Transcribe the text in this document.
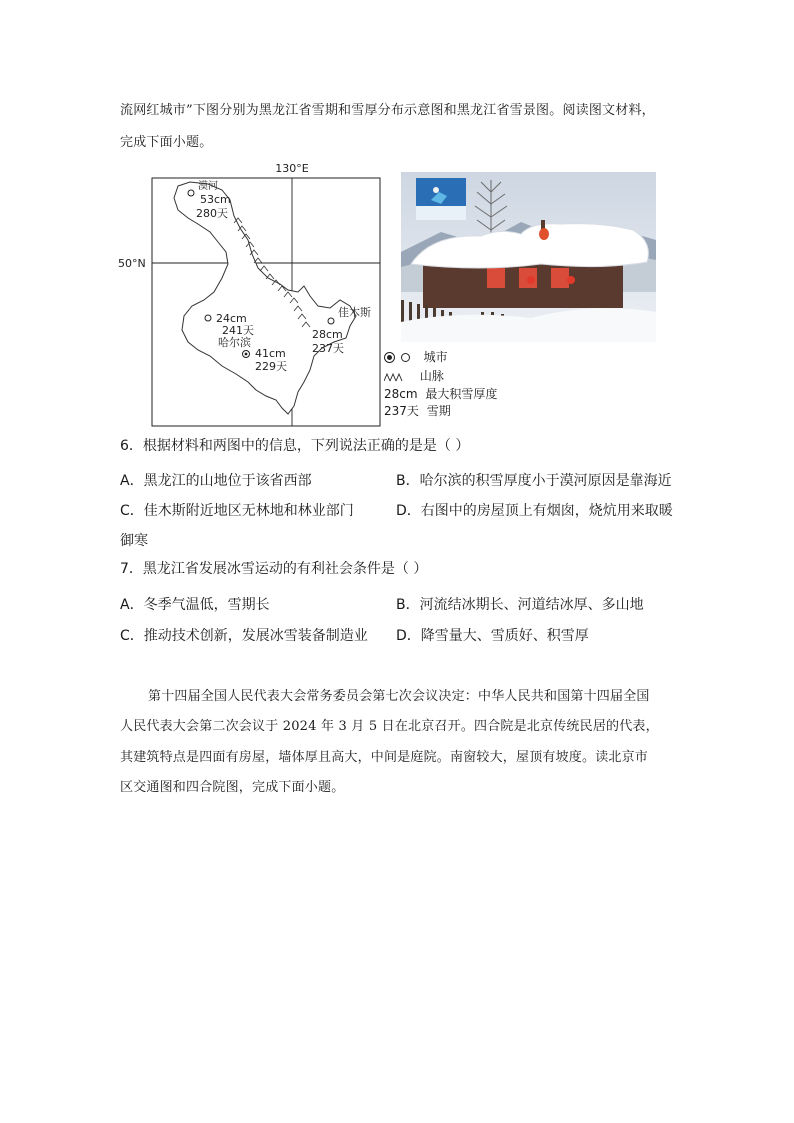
流网红城市”下图分别为黑龙江省雪期和雪厚分布示意图和黑龙江省雪景图。阅读图文材料，
完成下面小题。
130°E
50°N
漠河
53cm
280天
24cm
241天
哈尔滨
41cm
229天
佳木斯
28cm
237天
城市
山脉
28cm 最大积雪厚度
237天 雪期
6．根据材料和两图中的信息，下列说法正确的是是（ ）
A．黑龙江的山地位于该省西部	B．哈尔滨的积雪厚度小于漠河原因是靠海近
C．佳木斯附近地区无林地和林业部门	D．右图中的房屋顶上有烟囱，烧炕用来取暖
御寒
7．黑龙江省发展冰雪运动的有利社会条件是（ ）
A．冬季气温低，雪期长	B．河流结冰期长、河道结冰厚、多山地
C．推动技术创新，发展冰雪装备制造业 D．降雪量大、雪质好、积雪厚
第十四届全国人民代表大会常务委员会第七次会议决定：中华人民共和国第十四届全国
人民代表大会第二次会议于 2024 年 3 月 5 日在北京召开。四合院是北京传统民居的代表，
其建筑特点是四面有房屋，墙体厚且高大，中间是庭院。南窗较大，屋顶有坡度。读北京市
区交通图和四合院图，完成下面小题。
